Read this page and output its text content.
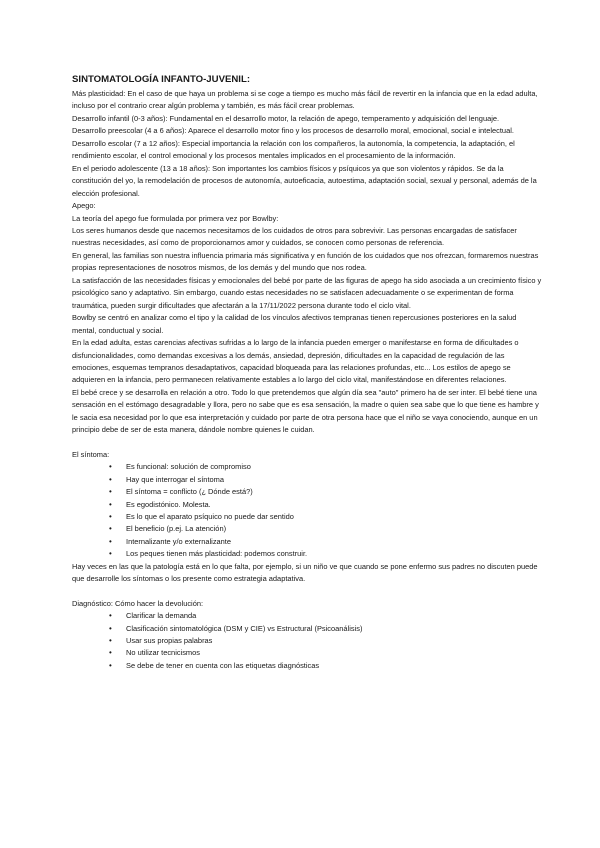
SINTOMATOLOGÍA INFANTO-JUVENIL:

Más plasticidad: En el caso de que haya un problema si se coge a tiempo es mucho más fácil de revertir en la infancia que en la edad adulta, incluso por el contrario crear algún problema y también, es más fácil crear problemas.

Desarrollo infantil (0-3 años): Fundamental en el desarrollo motor, la relación de apego, temperamento y adquisición del lenguaje.

Desarrollo preescolar (4 a 6 años): Aparece el desarrollo motor fino y los procesos de desarrollo moral, emocional, social e intelectual.

Desarrollo escolar (7 a 12 años): Especial importancia la relación con los compañeros, la autonomía, la competencia, la adaptación, el rendimiento escolar, el control emocional y los procesos mentales implicados en el procesamiento de la información.

En el periodo adolescente (13 a 18 años): Son importantes los cambios físicos y psíquicos ya que son violentos y rápidos. Se da la constitución del yo, la remodelación de procesos de autonomía, autoeficacia, autoestima, adaptación social, sexual y personal, además de la elección profesional.

Apego:

La teoría del apego fue formulada por primera vez por Bowlby:

Los seres humanos desde que nacemos necesitamos de los cuidados de otros para sobrevivir. Las personas encargadas de satisfacer nuestras necesidades, así como de proporcionarnos amor y cuidados, se conocen como personas de referencia.

En general, las familias son nuestra influencia primaria más significativa y en función de los cuidados que nos ofrezcan, formaremos nuestras propias representaciones de nosotros mismos, de los demás y del mundo que nos rodea.

La satisfacción de las necesidades físicas y emocionales del bebé por parte de las figuras de apego ha sido asociada a un crecimiento físico y psicológico sano y adaptativo. Sin embargo, cuando estas necesidades no se satisfacen adecuadamente o se experimentan de forma traumática, pueden surgir dificultades que afectarán a la 17/11/2022 persona durante todo el ciclo vital.

Bowlby se centró en analizar como el tipo y la calidad de los vínculos afectivos tempranas tienen repercusiones posteriores en la salud mental, conductual y social.

En la edad adulta, estas carencias afectivas sufridas a lo largo de la infancia pueden emerger o manifestarse en forma de dificultades o disfuncionalidades, como demandas excesivas a los demás, ansiedad, depresión, dificultades en la capacidad de regulación de las emociones, esquemas tempranos desadaptativos, capacidad bloqueada para las relaciones profundas, etc... Los estilos de apego se adquieren en la infancia, pero permanecen relativamente estables a lo largo del ciclo vital, manifestándose en diferentes relaciones.

El bebé crece y se desarrolla en relación a otro. Todo lo que pretendemos que algún día sea "auto" primero ha de ser inter. El bebé tiene una sensación en el estómago desagradable y llora, pero no sabe que es esa sensación, la madre o quien sea sabe que lo que tiene es hambre y le sacia esa necesidad por lo que esa interpretación y cuidado por parte de otra persona hace que el niño se vaya conociendo, aunque en un principio debe de ser de esta manera, dándole nombre quienes le cuidan.

El síntoma:

• Es funcional: solución de compromiso
• Hay que interrogar el síntoma
• El síntoma = conflicto (¿ Dónde está?)
• Es egodistónico. Molesta.
• Es lo que el aparato psíquico no puede dar sentido
• El beneficio (p.ej. La atención)
• Internalizante y/o externalizante
• Los peques tienen más plasticidad: podemos construir.

Hay veces en las que la patología está en lo que falta, por ejemplo, si un niño ve que cuando se pone enfermo sus padres no discuten puede que desarrolle los síntomas o los presente como estrategia adaptativa.

Diagnóstico: Cómo hacer la devolución:

• Clarificar la demanda
• Clasificación sintomatológica (DSM y CIE) vs Estructural (Psicoanálisis)
• Usar sus propias palabras
• No utilizar tecnicismos
• Se debe de tener en cuenta con las etiquetas diagnósticas
